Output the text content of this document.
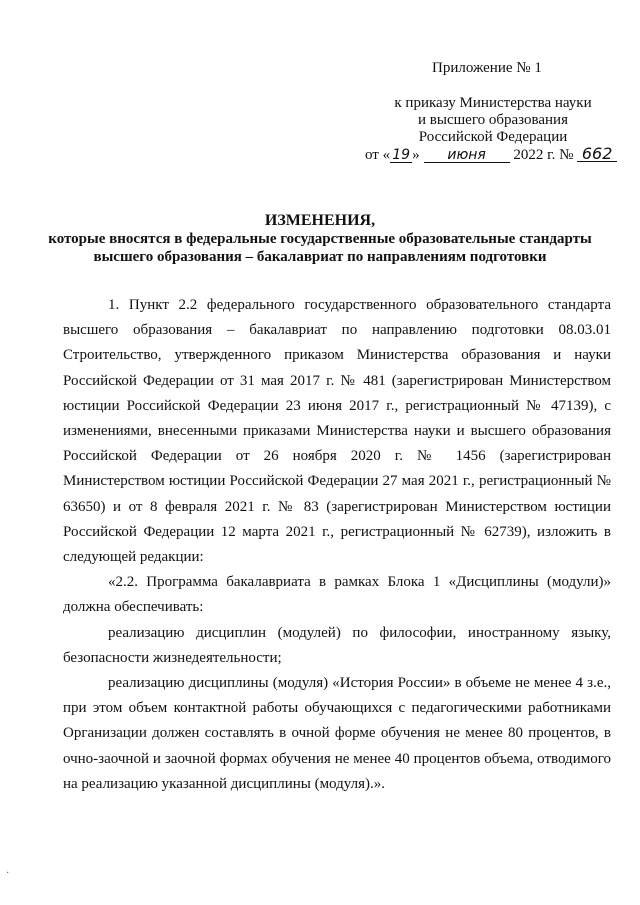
Приложение № 1
к приказу Министерства науки
и высшего образования
Российской Федерации
от « 19 » июня 2022 г. № 662
ИЗМЕНЕНИЯ,
которые вносятся в федеральные государственные образовательные стандарты
высшего образования – бакалавриат по направлениям подготовки

1. Пункт 2.2 федерального государственного образовательного стандарта высшего образования – бакалавриат по направлению подготовки 08.03.01 Строительство, утвержденного приказом Министерства образования и науки Российской Федерации от 31 мая 2017 г. № 481 (зарегистрирован Министерством юстиции Российской Федерации 23 июня 2017 г., регистрационный № 47139), с изменениями, внесенными приказами Министерства науки и высшего образования Российской Федерации от 26 ноября 2020 г. № 1456 (зарегистрирован Министерством юстиции Российской Федерации 27 мая 2021 г., регистрационный № 63650) и от 8 февраля 2021 г. № 83 (зарегистрирован Министерством юстиции Российской Федерации 12 марта 2021 г., регистрационный № 62739), изложить в следующей редакции:

«2.2. Программа бакалавриата в рамках Блока 1 «Дисциплины (модули)» должна обеспечивать:

реализацию дисциплин (модулей) по философии, иностранному языку, безопасности жизнедеятельности;

реализацию дисциплины (модуля) «История России» в объеме не менее 4 з.е., при этом объем контактной работы обучающихся с педагогическими работниками Организации должен составлять в очной форме обучения не менее 80 процентов, в очно-заочной и заочной формах обучения не менее 40 процентов объема, отводимого на реализацию указанной дисциплины (модуля).».

·
